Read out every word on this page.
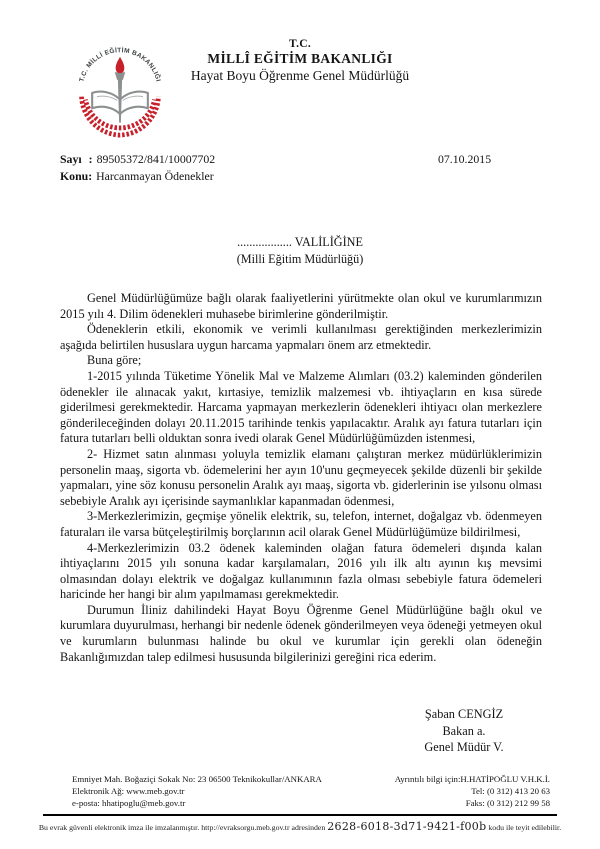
T.C. MİLLİ EĞİTİM BAKANLIĞI
T.C.
MİLLÎ EĞİTİM BAKANLIĞI
Hayat Boyu Öğrenme Genel Müdürlüğü
Sayı : 89505372/841/10007702	07.10.2015
Konu: Harcanmayan Ödenekler
.................. VALİLİĞİNE
(Milli Eğitim Müdürlüğü)

Genel Müdürlüğümüze bağlı olarak faaliyetlerini yürütmekte olan okul ve kurumlarımızın 2015 yılı 4. Dilim ödenekleri muhasebe birimlerine gönderilmiştir.

Ödeneklerin etkili, ekonomik ve verimli kullanılması gerektiğinden merkezlerimizin aşağıda belirtilen hususlara uygun harcama yapmaları önem arz etmektedir.

Buna göre;

1-2015 yılında Tüketime Yönelik Mal ve Malzeme Alımları (03.2) kaleminden gönderilen ödenekler ile alınacak yakıt, kırtasiye, temizlik malzemesi vb. ihtiyaçların en kısa sürede giderilmesi gerekmektedir. Harcama yapmayan merkezlerin ödenekleri ihtiyacı olan merkezlere gönderileceğinden dolayı 20.11.2015 tarihinde tenkis yapılacaktır. Aralık ayı fatura tutarları için fatura tutarları belli olduktan sonra ivedi olarak Genel Müdürlüğümüzden istenmesi,

2- Hizmet satın alınması yoluyla temizlik elamanı çalıştıran merkez müdürlüklerimizin personelin maaş, sigorta vb. ödemelerini her ayın 10'unu geçmeyecek şekilde düzenli bir şekilde yapmaları, yine söz konusu personelin Aralık ayı maaş, sigorta vb. giderlerinin ise yılsonu olması sebebiyle Aralık ayı içerisinde saymanlıklar kapanmadan ödenmesi,

3-Merkezlerimizin, geçmişe yönelik elektrik, su, telefon, internet, doğalgaz vb. ödenmeyen faturaları ile varsa bütçeleştirilmiş borçlarının acil olarak Genel Müdürlüğümüze bildirilmesi,

4-Merkezlerimizin 03.2 ödenek kaleminden olağan fatura ödemeleri dışında kalan ihtiyaçlarını 2015 yılı sonuna kadar karşılamaları, 2016 yılı ilk altı ayının kış mevsimi olmasından dolayı elektrik ve doğalgaz kullanımının fazla olması sebebiyle fatura ödemeleri haricinde her hangi bir alım yapılmaması gerekmektedir.

Durumun İliniz dahilindeki Hayat Boyu Öğrenme Genel Müdürlüğüne bağlı okul ve kurumlara duyurulması, herhangi bir nedenle ödenek gönderilmeyen veya ödeneği yetmeyen okul ve kurumların bulunması halinde bu okul ve kurumlar için gerekli olan ödeneğin Bakanlığımızdan talep edilmesi hususunda bilgilerinizi gereğini rica ederim.

Şaban CENGİZ
Bakan a.
Genel Müdür V.
Emniyet Mah. Boğaziçi Sokak No: 23 06500 Teknikokullar/ANKARA
Elektronik Ağ: www.meb.gov.tr
e-posta: hhatipoglu@meb.gov.tr
Ayrıntılı bilgi için:H.HATİPOĞLU V.H.K.İ.
Tel: (0 312) 413 20 63
Faks: (0 312) 212 99 58
Bu evrak güvenli elektronik imza ile imzalanmıştır. http://evraksorgu.meb.gov.tr adresinden 2628-6018-3d71-9421-f00b kodu ile teyit edilebilir.
